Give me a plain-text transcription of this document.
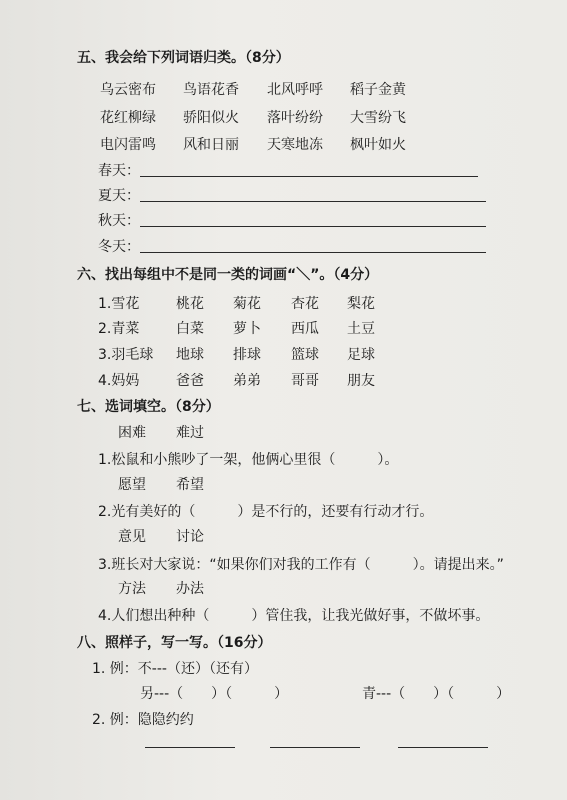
五、我会给下列词语归类。（8分）
乌云密布 鸟语花香 北风呼呼 稻子金黄
花红柳绿 骄阳似火 落叶纷纷 大雪纷飞
电闪雷鸣 风和日丽 天寒地冻 枫叶如火
春天：
夏天：
秋天：
冬天：
六、找出每组中不是同一类的词画“＼”。（4分）
1.雪花	桃花 菊花 杏花 梨花
2.青菜	白菜 萝卜 西瓜 土豆
3.羽毛球 地球 排球 篮球 足球
4.妈妈	爸爸 弟弟 哥哥 朋友
七、选词填空。（8分）
困难 难过
1.松鼠和小熊吵了一架，他俩心里很（　　　）。
愿望 希望
2.光有美好的（　　　）是不行的，还要有行动才行。
意见 讨论
3.班长对大家说：“如果你们对我的工作有（　　　）。请提出来。”
方法 办法
4.人们想出种种（　　　）管住我，让我光做好事，不做坏事。
八、照样子，写一写。（16分）
1. 例：不---（还）（还有）
另---（　　）（　　　）	青---（　　）（　　　）
2. 例：隐隐约约
